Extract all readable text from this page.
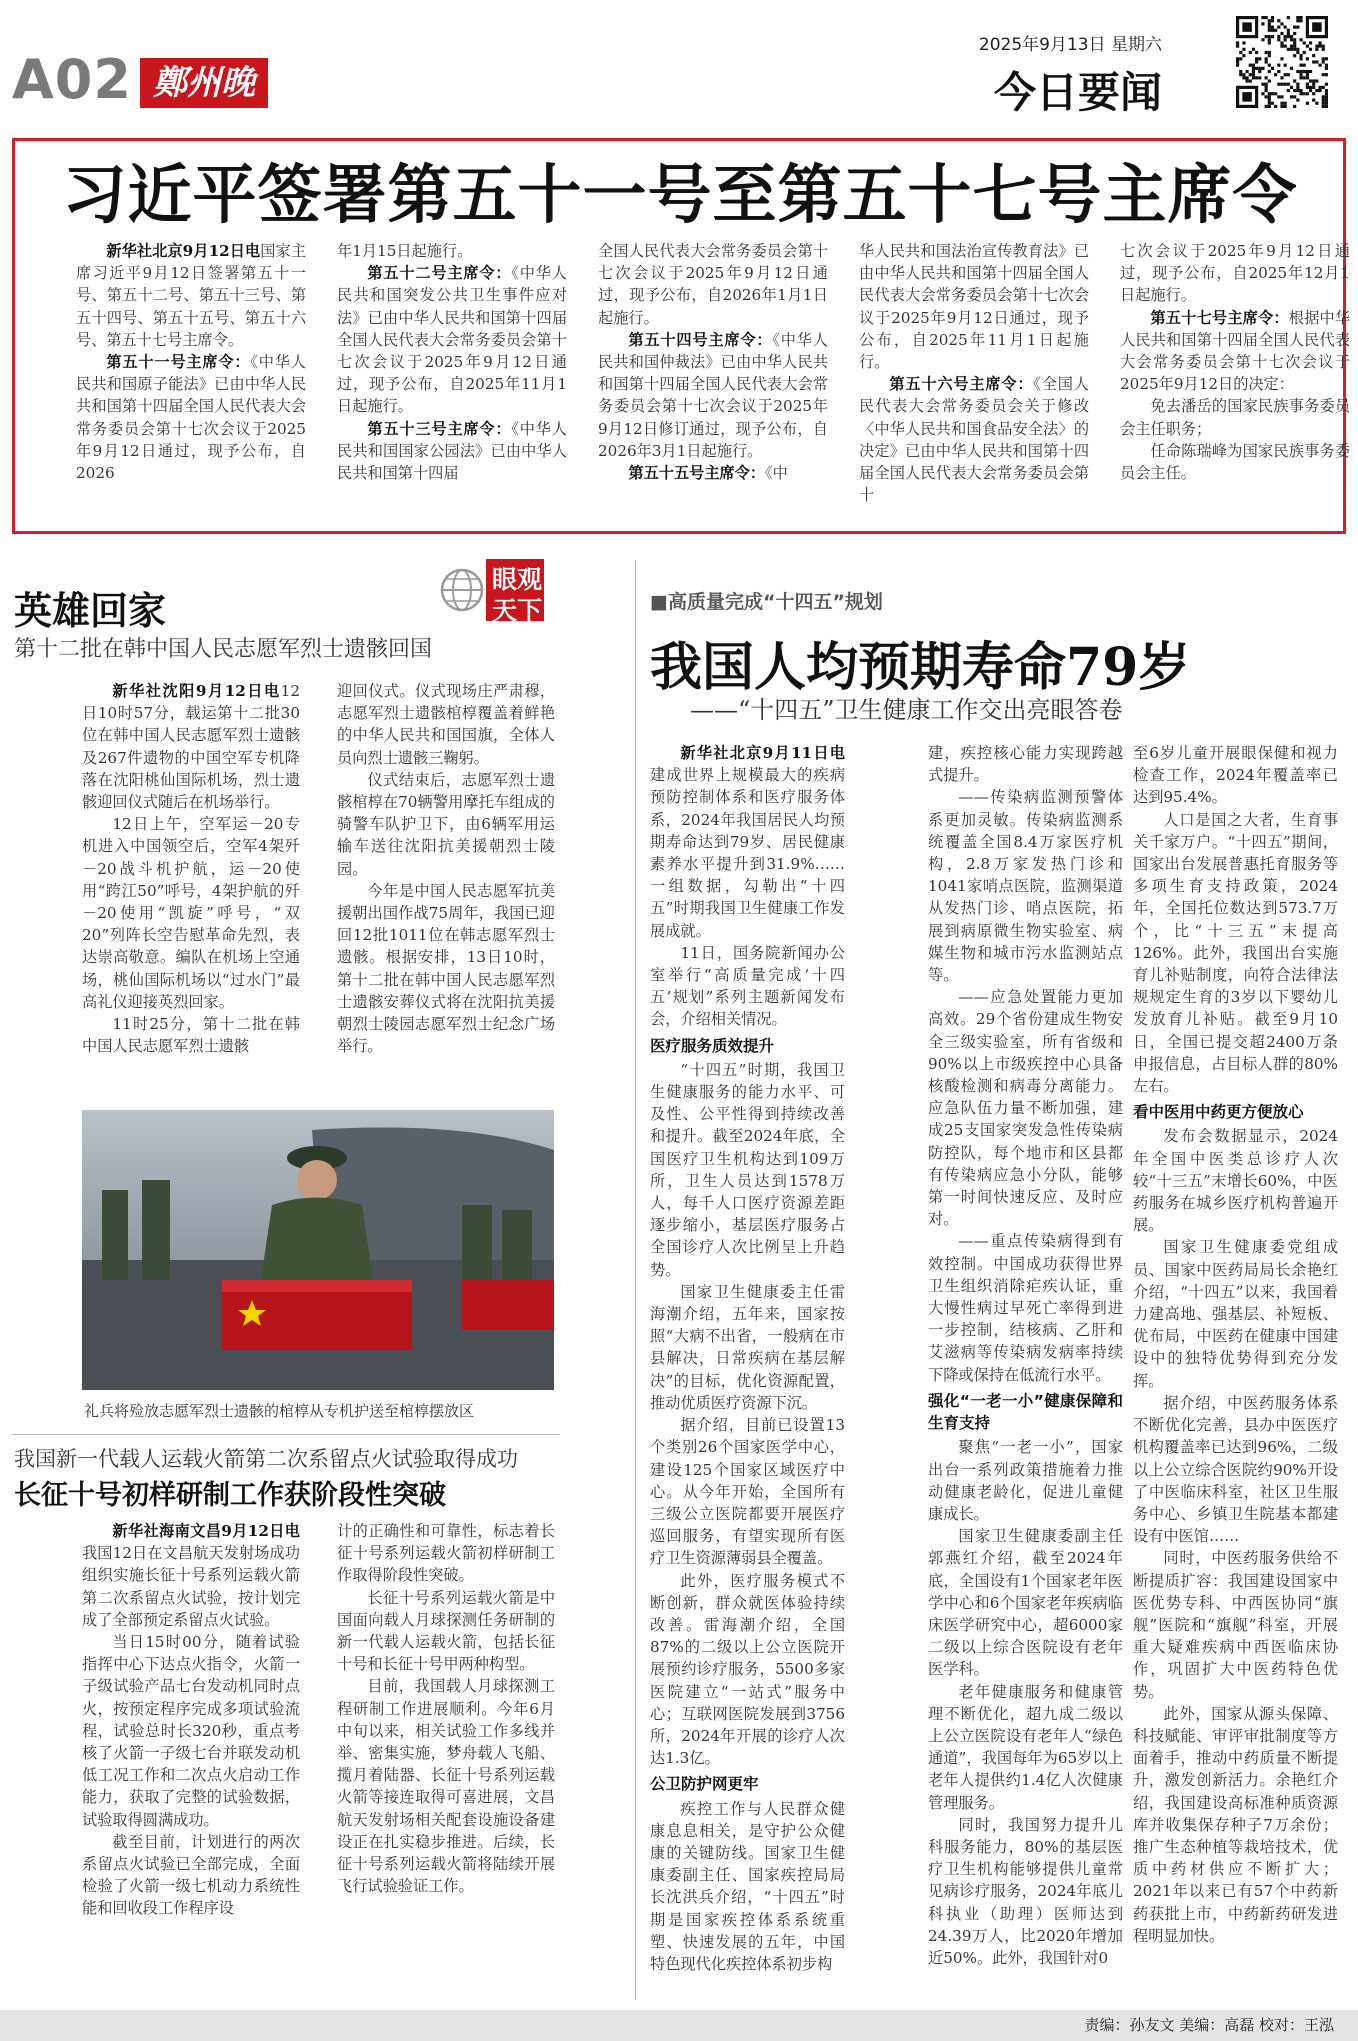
A02 鄭州晚報
2025年9月13日 星期六
今日要闻
习近平签署第五十一号至第五十七号主席令

新华社北京9月12日电国家主席习近平9月12日签署第五十一号、第五十二号、第五十三号、第五十四号、第五十五号、第五十六号、第五十七号主席令。

第五十一号主席令：《中华人民共和国原子能法》已由中华人民共和国第十四届全国人民代表大会常务委员会第十七次会议于2025年9月12日通过，现予公布，自2026

年1月15日起施行。

第五十二号主席令：《中华人民共和国突发公共卫生事件应对法》已由中华人民共和国第十四届全国人民代表大会常务委员会第十七次会议于2025年9月12日通过，现予公布，自2025年11月1日起施行。

第五十三号主席令：《中华人民共和国国家公园法》已由中华人民共和国第十四届

全国人民代表大会常务委员会第十七次会议于2025年9月12日通过，现予公布，自2026年1月1日起施行。

第五十四号主席令：《中华人民共和国仲裁法》已由中华人民共和国第十四届全国人民代表大会常务委员会第十七次会议于2025年9月12日修订通过，现予公布，自2026年3月1日起施行。

第五十五号主席令：《中

华人民共和国法治宣传教育法》已由中华人民共和国第十四届全国人民代表大会常务委员会第十七次会议于2025年9月12日通过，现予公布，自2025年11月1日起施行。

第五十六号主席令：《全国人民代表大会常务委员会关于修改〈中华人民共和国食品安全法〉的决定》已由中华人民共和国第十四届全国人民代表大会常务委员会第十

七次会议于2025年9月12日通过，现予公布，自2025年12月1日起施行。

第五十七号主席令：根据中华人民共和国第十四届全国人民代表大会常务委员会第十七次会议于2025年9月12日的决定：

免去潘岳的国家民族事务委员会主任职务；

任命陈瑞峰为国家民族事务委员会主任。

眼观
天下
英雄回家
第十二批在韩中国人民志愿军烈士遗骸回国

新华社沈阳9月12日电12日10时57分，载运第十二批30位在韩中国人民志愿军烈士遗骸及267件遗物的中国空军专机降落在沈阳桃仙国际机场，烈士遗骸迎回仪式随后在机场举行。

12日上午，空军运－20专机进入中国领空后，空军4架歼－20战斗机护航，运－20使用“跨江50”呼号，4架护航的歼－20使用“凯旋”呼号，“双20”列阵长空告慰革命先烈，表达崇高敬意。编队在机场上空通场，桃仙国际机场以“过水门”最高礼仪迎接英烈回家。

11时25分，第十二批在韩中国人民志愿军烈士遗骸

迎回仪式。仪式现场庄严肃穆，志愿军烈士遗骸棺椁覆盖着鲜艳的中华人民共和国国旗，全体人员向烈士遗骸三鞠躬。

仪式结束后，志愿军烈士遗骸棺椁在70辆警用摩托车组成的骑警车队护卫下，由6辆军用运输车送往沈阳抗美援朝烈士陵园。

今年是中国人民志愿军抗美援朝出国作战75周年，我国已迎回12批1011位在韩志愿军烈士遗骸。根据安排，13日10时，第十二批在韩中国人民志愿军烈士遗骸安葬仪式将在沈阳抗美援朝烈士陵园志愿军烈士纪念广场举行。

礼兵将殓放志愿军烈士遗骸的棺椁从专机护送至棺椁摆放区
我国新一代载人运载火箭第二次系留点火试验取得成功
长征十号初样研制工作获阶段性突破

新华社海南文昌9月12日电我国12日在文昌航天发射场成功组织实施长征十号系列运载火箭第二次系留点火试验，按计划完成了全部预定系留点火试验。

当日15时00分，随着试验指挥中心下达点火指令，火箭一子级试验产品七台发动机同时点火，按预定程序完成多项试验流程，试验总时长320秒，重点考核了火箭一子级七台并联发动机低工况工作和二次点火启动工作能力，获取了完整的试验数据，试验取得圆满成功。

截至目前，计划进行的两次系留点火试验已全部完成，全面检验了火箭一级七机动力系统性能和回收段工作程序设

计的正确性和可靠性，标志着长征十号系列运载火箭初样研制工作取得阶段性突破。

长征十号系列运载火箭是中国面向载人月球探测任务研制的新一代载人运载火箭，包括长征十号和长征十号甲两种构型。

目前，我国载人月球探测工程研制工作进展顺利。今年6月中旬以来，相关试验工作多线并举、密集实施，梦舟载人飞船、揽月着陆器、长征十号系列运载火箭等接连取得可喜进展，文昌航天发射场相关配套设施设备建设正在扎实稳步推进。后续，长征十号系列运载火箭将陆续开展飞行试验验证工作。

■高质量完成“十四五”规划
我国人均预期寿命79岁
——“十四五”卫生健康工作交出亮眼答卷

新华社北京9月11日电建成世界上规模最大的疾病预防控制体系和医疗服务体系，2024年我国居民人均预期寿命达到79岁、居民健康素养水平提升到31.9%……一组数据，勾勒出“十四五”时期我国卫生健康工作发展成就。

11日，国务院新闻办公室举行“高质量完成‘十四五’规划”系列主题新闻发布会，介绍相关情况。

医疗服务质效提升

“十四五”时期，我国卫生健康服务的能力水平、可及性、公平性得到持续改善和提升。截至2024年底，全国医疗卫生机构达到109万所，卫生人员达到1578万人，每千人口医疗资源差距逐步缩小，基层医疗服务占全国诊疗人次比例呈上升趋势。

国家卫生健康委主任雷海潮介绍，五年来，国家按照“大病不出省，一般病在市县解决，日常疾病在基层解决”的目标，优化资源配置，推动优质医疗资源下沉。

据介绍，目前已设置13个类别26个国家医学中心，建设125个国家区域医疗中心。从今年开始，全国所有三级公立医院都要开展医疗巡回服务，有望实现所有医疗卫生资源薄弱县全覆盖。

此外，医疗服务模式不断创新，群众就医体验持续改善。雷海潮介绍，全国87%的二级以上公立医院开展预约诊疗服务，5500多家医院建立“一站式”服务中心；互联网医院发展到3756所，2024年开展的诊疗人次达1.3亿。

公卫防护网更牢

疾控工作与人民群众健康息息相关，是守护公众健康的关键防线。国家卫生健康委副主任、国家疾控局局长沈洪兵介绍，“十四五”时期是国家疾控体系系统重塑、快速发展的五年，中国特色现代化疾控体系初步构

建，疾控核心能力实现跨越式提升。

——传染病监测预警体系更加灵敏。传染病监测系统覆盖全国8.4万家医疗机构，2.8万家发热门诊和1041家哨点医院，监测渠道从发热门诊、哨点医院，拓展到病原微生物实验室、病媒生物和城市污水监测站点等。

——应急处置能力更加高效。29个省份建成生物安全三级实验室，所有省级和90%以上市级疾控中心具备核酸检测和病毒分离能力。应急队伍力量不断加强，建成25支国家突发急性传染病防控队，每个地市和区县都有传染病应急小分队，能够第一时间快速反应、及时应对。

——重点传染病得到有效控制。中国成功获得世界卫生组织消除疟疾认证，重大慢性病过早死亡率得到进一步控制，结核病、乙肝和艾滋病等传染病发病率持续下降或保持在低流行水平。

强化“一老一小”健康保障和生育支持

聚焦“一老一小”，国家出台一系列政策措施着力推动健康老龄化，促进儿童健康成长。

国家卫生健康委副主任郭燕红介绍，截至2024年底，全国设有1个国家老年医学中心和6个国家老年疾病临床医学研究中心，超6000家二级以上综合医院设有老年医学科。

老年健康服务和健康管理不断优化，超九成二级以上公立医院设有老年人“绿色通道”，我国每年为65岁以上老年人提供约1.4亿人次健康管理服务。

同时，我国努力提升儿科服务能力，80%的基层医疗卫生机构能够提供儿童常见病诊疗服务，2024年底儿科执业（助理）医师达到24.39万人，比2020年增加近50%。此外，我国针对0

至6岁儿童开展眼保健和视力检查工作，2024年覆盖率已达到95.4%。

人口是国之大者，生育事关千家万户。“十四五”期间，国家出台发展普惠托育服务等多项生育支持政策，2024年，全国托位数达到573.7万个，比“十三五”末提高126%。此外，我国出台实施育儿补贴制度，向符合法律法规规定生育的3岁以下婴幼儿发放育儿补贴。截至9月10日，全国已提交超2400万条申报信息，占目标人群的80%左右。

看中医用中药更方便放心

发布会数据显示，2024年全国中医类总诊疗人次较“十三五”末增长60%，中医药服务在城乡医疗机构普遍开展。

国家卫生健康委党组成员、国家中医药局局长余艳红介绍，“十四五”以来，我国着力建高地、强基层、补短板、优布局，中医药在健康中国建设中的独特优势得到充分发挥。

据介绍，中医药服务体系不断优化完善，县办中医医疗机构覆盖率已达到96%，二级以上公立综合医院约90%开设了中医临床科室，社区卫生服务中心、乡镇卫生院基本都建设有中医馆……

同时，中医药服务供给不断提质扩容：我国建设国家中医优势专科、中西医协同“旗舰”医院和“旗舰”科室，开展重大疑难疾病中西医临床协作，巩固扩大中医药特色优势。

此外，国家从源头保障、科技赋能、审评审批制度等方面着手，推动中药质量不断提升，激发创新活力。余艳红介绍，我国建设高标准种质资源库并收集保存种子7万余份；推广生态种植等栽培技术，优质中药材供应不断扩大；2021年以来已有57个中药新药获批上市，中药新药研发进程明显加快。

责编：孙友文 美编：高磊 校对：王泓
